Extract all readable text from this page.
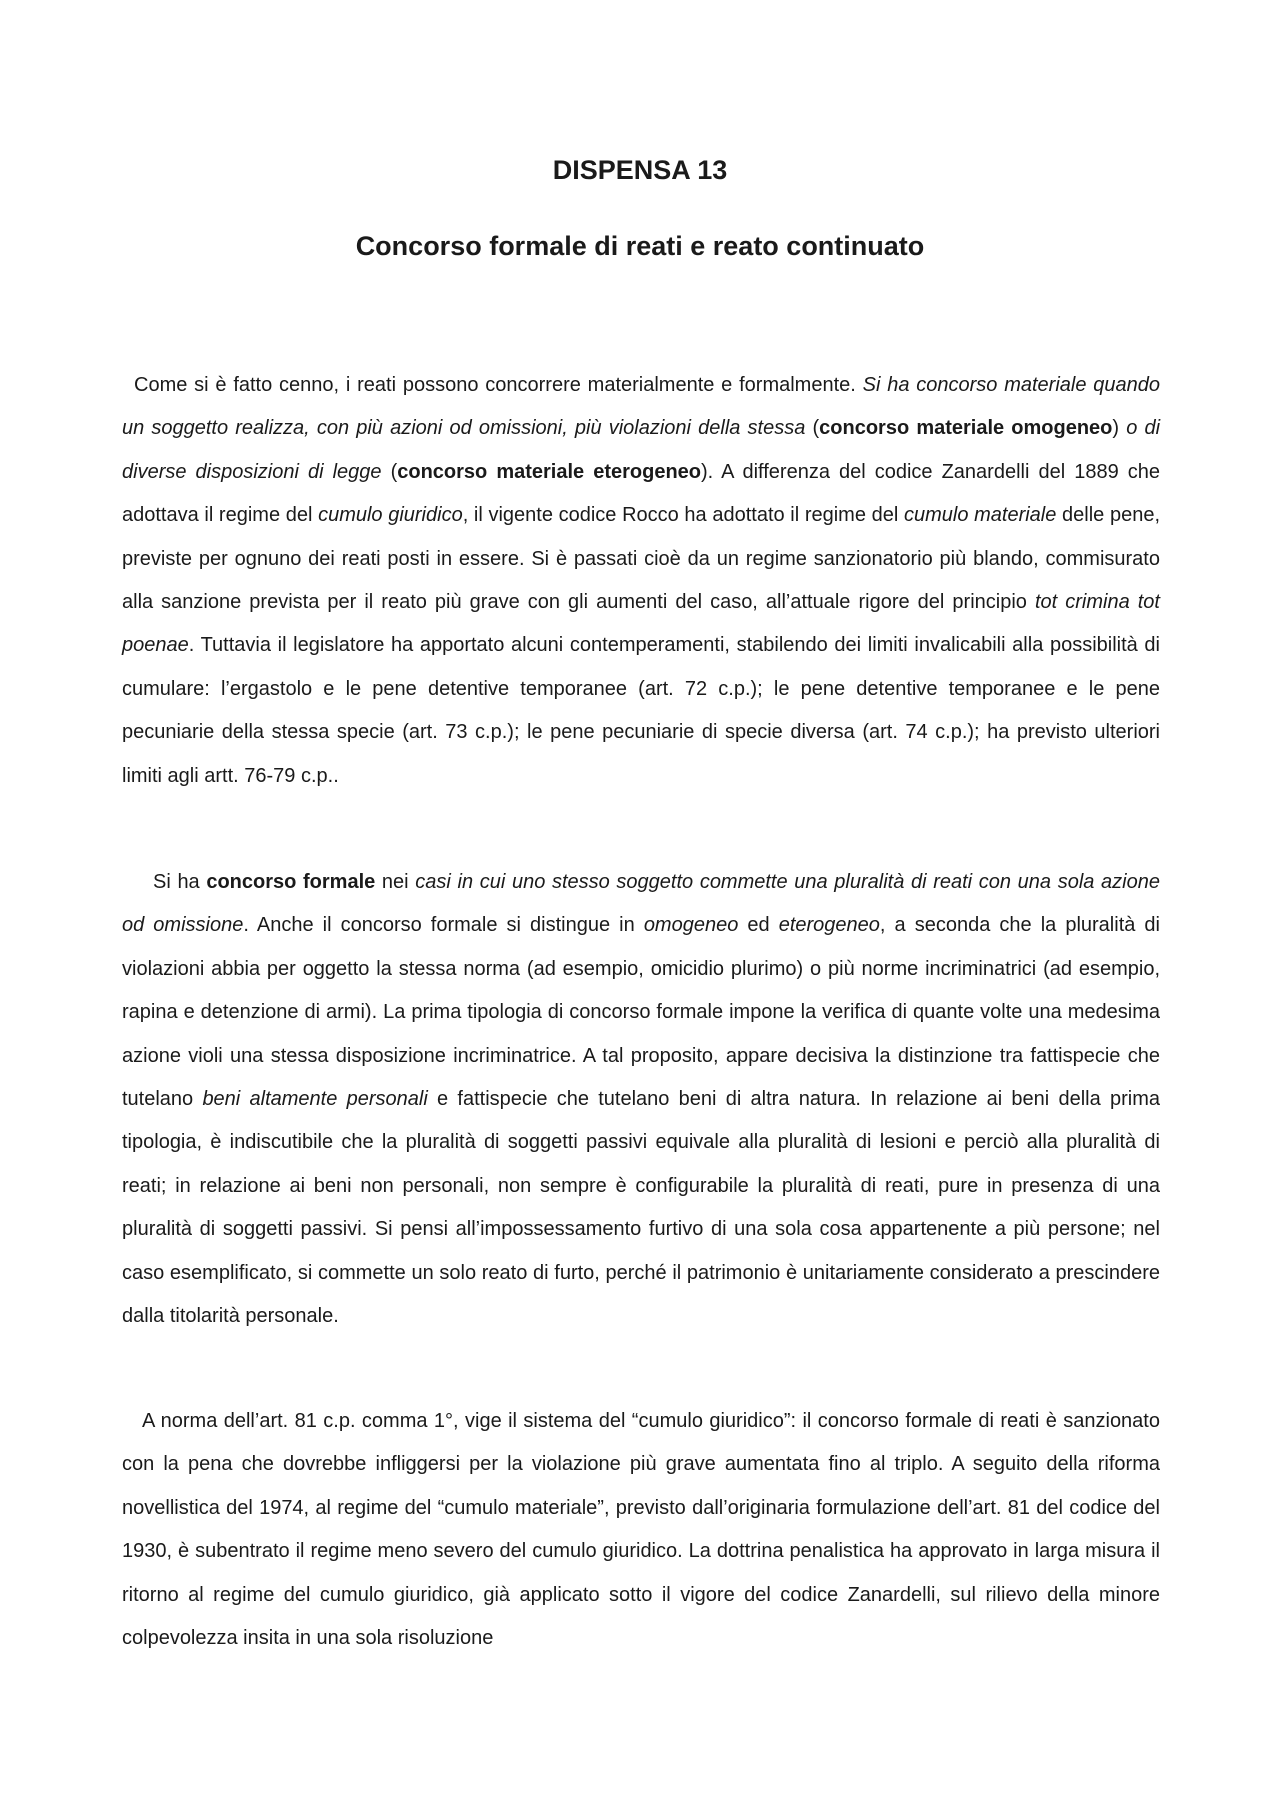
DISPENSA 13
Concorso formale di reati e reato continuato

Come si è fatto cenno, i reati possono concorrere materialmente e formalmente. Si ha concorso materiale quando un soggetto realizza, con più azioni od omissioni, più violazioni della stessa (concorso materiale omogeneo) o di diverse disposizioni di legge (concorso materiale eterogeneo). A differenza del codice Zanardelli del 1889 che adottava il regime del cumulo giuridico, il vigente codice Rocco ha adottato il regime del cumulo materiale delle pene, previste per ognuno dei reati posti in essere. Si è passati cioè da un regime sanzionatorio più blando, commisurato alla sanzione prevista per il reato più grave con gli aumenti del caso, all’attuale rigore del principio tot crimina tot poenae. Tuttavia il legislatore ha apportato alcuni contemperamenti, stabilendo dei limiti invalicabili alla possibilità di cumulare: l’ergastolo e le pene detentive temporanee (art. 72 c.p.); le pene detentive temporanee e le pene pecuniarie della stessa specie (art. 73 c.p.); le pene pecuniarie di specie diversa (art. 74 c.p.); ha previsto ulteriori limiti agli artt. 76-79 c.p..

Si ha concorso formale nei casi in cui uno stesso soggetto commette una pluralità di reati con una sola azione od omissione. Anche il concorso formale si distingue in omogeneo ed eterogeneo, a seconda che la pluralità di violazioni abbia per oggetto la stessa norma (ad esempio, omicidio plurimo) o più norme incriminatrici (ad esempio, rapina e detenzione di armi). La prima tipologia di concorso formale impone la verifica di quante volte una medesima azione violi una stessa disposizione incriminatrice. A tal proposito, appare decisiva la distinzione tra fattispecie che tutelano beni altamente personali e fattispecie che tutelano beni di altra natura. In relazione ai beni della prima tipologia, è indiscutibile che la pluralità di soggetti passivi equivale alla pluralità di lesioni e perciò alla pluralità di reati; in relazione ai beni non personali, non sempre è configurabile la pluralità di reati, pure in presenza di una pluralità di soggetti passivi. Si pensi all’impossessamento furtivo di una sola cosa appartenente a più persone; nel caso esemplificato, si commette un solo reato di furto, perché il patrimonio è unitariamente considerato a prescindere dalla titolarità personale.

A norma dell’art. 81 c.p. comma 1°, vige il sistema del “cumulo giuridico”: il concorso formale di reati è sanzionato con la pena che dovrebbe infliggersi per la violazione più grave aumentata fino al triplo. A seguito della riforma novellistica del 1974, al regime del “cumulo materiale”, previsto dall’originaria formulazione dell’art. 81 del codice del 1930, è subentrato il regime meno severo del cumulo giuridico. La dottrina penalistica ha approvato in larga misura il ritorno al regime del cumulo giuridico, già applicato sotto il vigore del codice Zanardelli, sul rilievo della minore colpevolezza insita in una sola risoluzione
